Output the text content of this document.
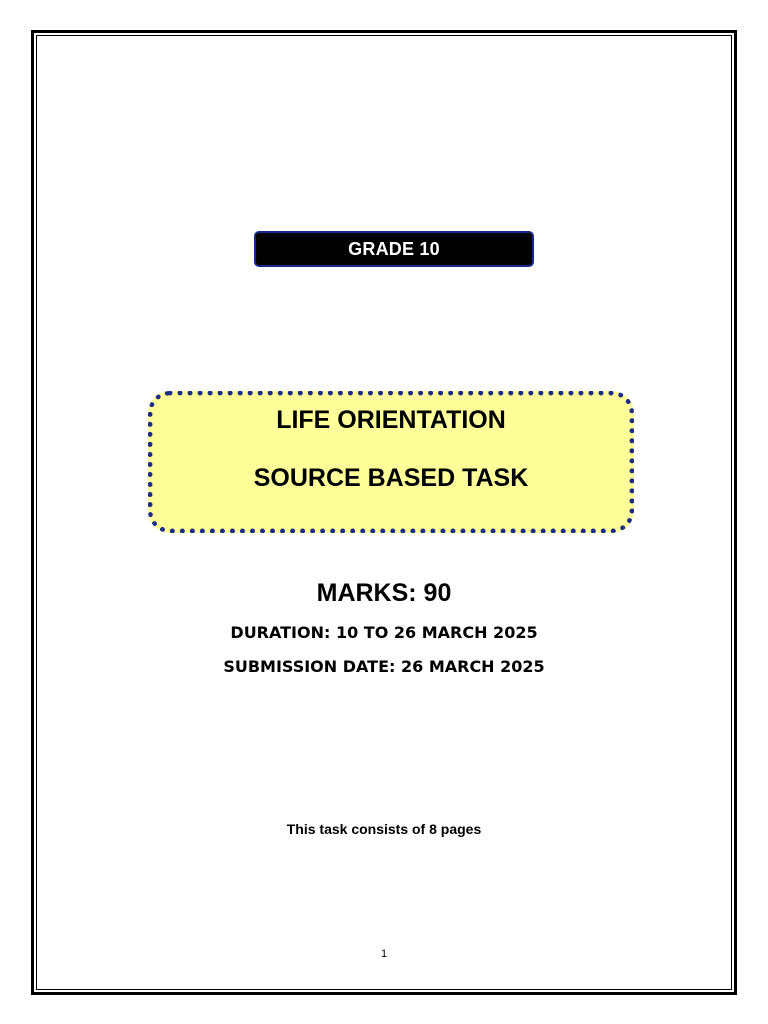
GRADE 10
LIFE ORIENTATION
SOURCE BASED TASK
MARKS: 90
DURATION: 10 TO 26 MARCH 2025
SUBMISSION DATE: 26 MARCH 2025
This task consists of 8 pages
1
